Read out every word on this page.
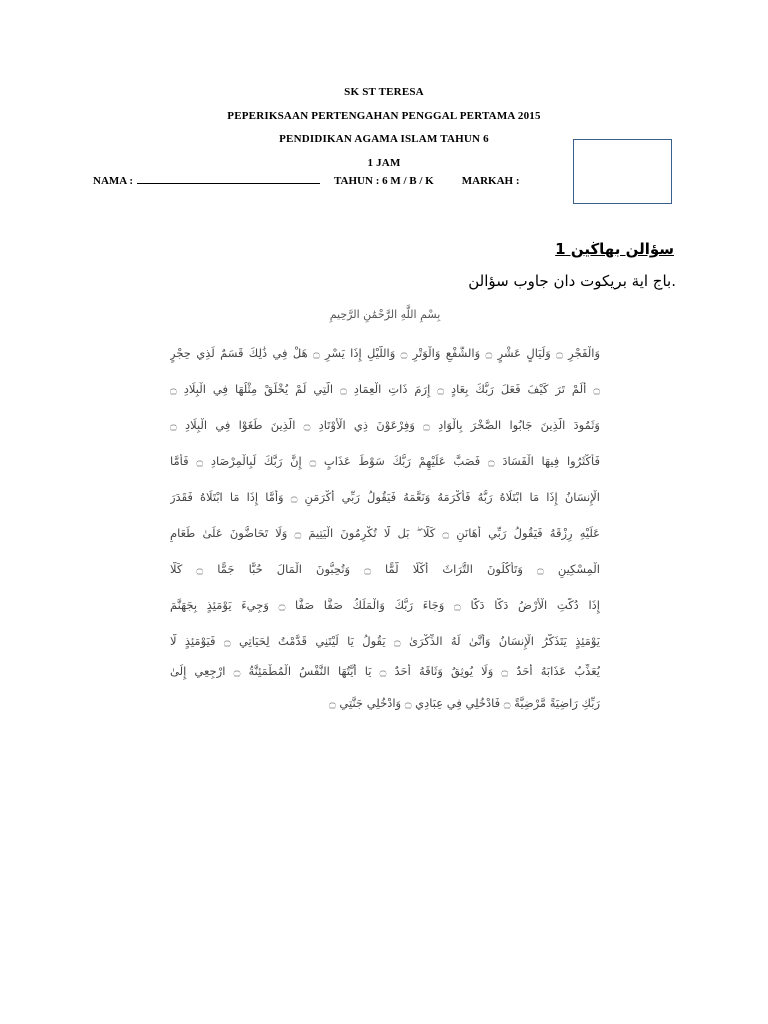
SK ST TERESA
PEPERIKSAAN PERTENGAHAN PENGGAL PERTAMA 2015
PENDIDIKAN AGAMA ISLAM TAHUN 6
1 JAM
NAMA :	TAHUN : 6 M / B / K	MARKAH :
سؤالن بهاڬين 1
.باج اية بريكوت دان جاوب سؤالن
بِسْمِ اللَّهِ الرَّحْمَٰنِ الرَّحِيمِ
وَالْفَجْرِ ۝ وَلَيَالٍ عَشْرٍ ۝ وَالشَّفْعِ وَالْوَتْرِ ۝ وَاللَّيْلِ إِذَا يَسْرِ ۝ هَلْ فِي ذَٰلِكَ قَسَمٌ لِّذِي حِجْرٍ
۝ أَلَمْ تَرَ كَيْفَ فَعَلَ رَبُّكَ بِعَادٍ ۝ إِرَمَ ذَاتِ الْعِمَادِ ۝ الَّتِي لَمْ يُخْلَقْ مِثْلُهَا فِي الْبِلَادِ ۝
وَثَمُودَ الَّذِينَ جَابُوا الصَّخْرَ بِالْوَادِ ۝ وَفِرْعَوْنَ ذِي الْأَوْتَادِ ۝ الَّذِينَ طَغَوْا فِي الْبِلَادِ ۝
فَأَكْثَرُوا فِيهَا الْفَسَادَ ۝ فَصَبَّ عَلَيْهِمْ رَبُّكَ سَوْطَ عَذَابٍ ۝ إِنَّ رَبَّكَ لَبِالْمِرْصَادِ ۝ فَأَمَّا
الْإِنسَانُ إِذَا مَا ابْتَلَاهُ رَبُّهُ فَأَكْرَمَهُ وَنَعَّمَهُ فَيَقُولُ رَبِّي أَكْرَمَنِ ۝ وَأَمَّا إِذَا مَا ابْتَلَاهُ فَقَدَرَ
عَلَيْهِ رِزْقَهُ فَيَقُولُ رَبِّي أَهَانَنِ ۝ كَلَّا ۖ بَل لَّا تُكْرِمُونَ الْيَتِيمَ ۝ وَلَا تَحَاضُّونَ عَلَىٰ طَعَامِ
الْمِسْكِينِ ۝ وَتَأْكُلُونَ التُّرَاثَ أَكْلًا لَّمًّا ۝ وَتُحِبُّونَ الْمَالَ حُبًّا جَمًّا ۝ كَلَّا
إِذَا دُكَّتِ الْأَرْضُ دَكًّا دَكًّا ۝ وَجَاءَ رَبُّكَ وَالْمَلَكُ صَفًّا صَفًّا ۝ وَجِيءَ يَوْمَئِذٍ بِجَهَنَّمَ
يَوْمَئِذٍ يَتَذَكَّرُ الْإِنسَانُ وَأَنَّىٰ لَهُ الذِّكْرَىٰ ۝ يَقُولُ يَا لَيْتَنِي قَدَّمْتُ لِحَيَاتِي ۝ فَيَوْمَئِذٍ لَّا
يُعَذِّبُ عَذَابَهُ أَحَدٌ ۝ وَلَا يُوثِقُ وَثَاقَهُ أَحَدٌ ۝ يَا أَيَّتُهَا النَّفْسُ الْمُطْمَئِنَّةُ ۝ ارْجِعِي إِلَىٰ
رَبِّكِ رَاضِيَةً مَّرْضِيَّةً ۝ فَادْخُلِي فِي عِبَادِي ۝ وَادْخُلِي جَنَّتِي ۝
